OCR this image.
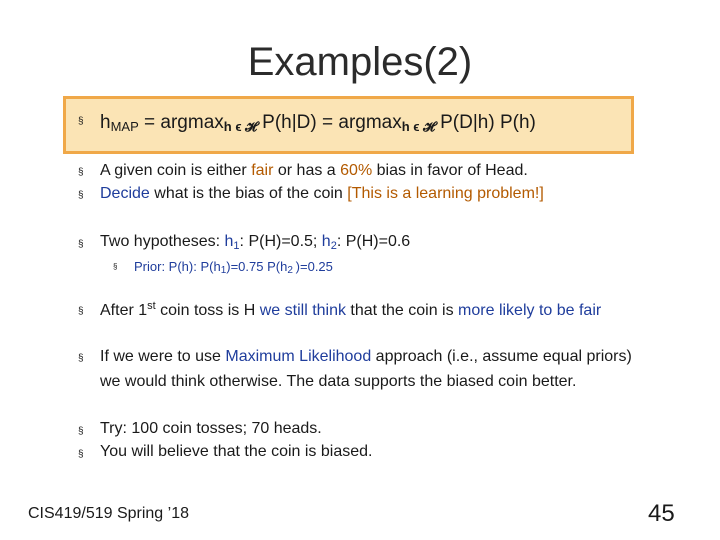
Examples(2)
§ $h_{MAP} = argmaxh$ ϵ 𝓗 P(h|D) = argmaxh ϵ 𝓗 P(D|h) P(h)
§ A given coin is either fair or has a 60% bias in favor of Head.
§ Decide what is the bias of the coin [This is a learning problem!]
§ Two hypotheses: $h_1$: P(H)=0.5; $h_2$: P(H)=0.6
§ Prior: P(h): $P(h_1)=0.75$ $P(h_2$ )=0.25
§ After 1st coin toss is H we still think that the coin is more likely to be fair
§ If we were to use Maximum Likelihood approach (i.e., assume equal priors)
we would think otherwise. The data supports the biased coin better.
§ Try: 100 coin tosses; 70 heads.
§ You will believe that the coin is biased.
CIS419/519 Spring ’18	45
